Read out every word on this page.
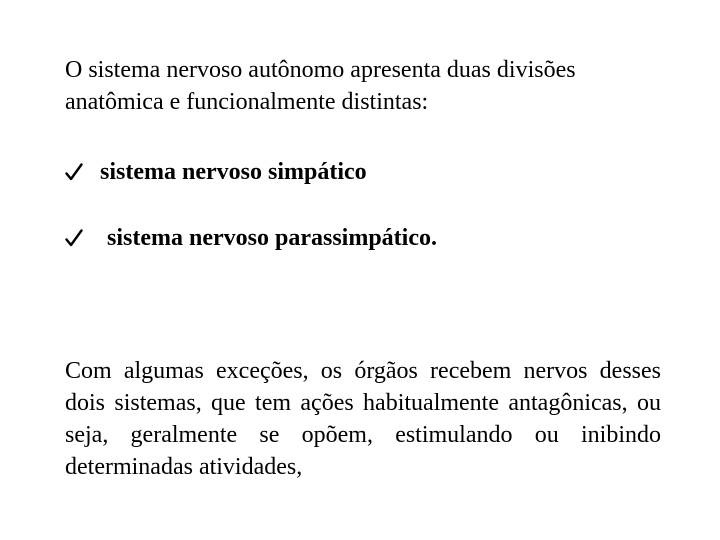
O sistema nervoso autônomo apresenta duas divisões anatômica e funcionalmente distintas:

sistema nervoso simpático
sistema nervoso parassimpático.

Com algumas exceções, os órgãos recebem nervos desses dois sistemas, que tem ações habitualmente antagônicas, ou seja, geralmente se opõem, estimulando ou inibindo determinadas atividades,
